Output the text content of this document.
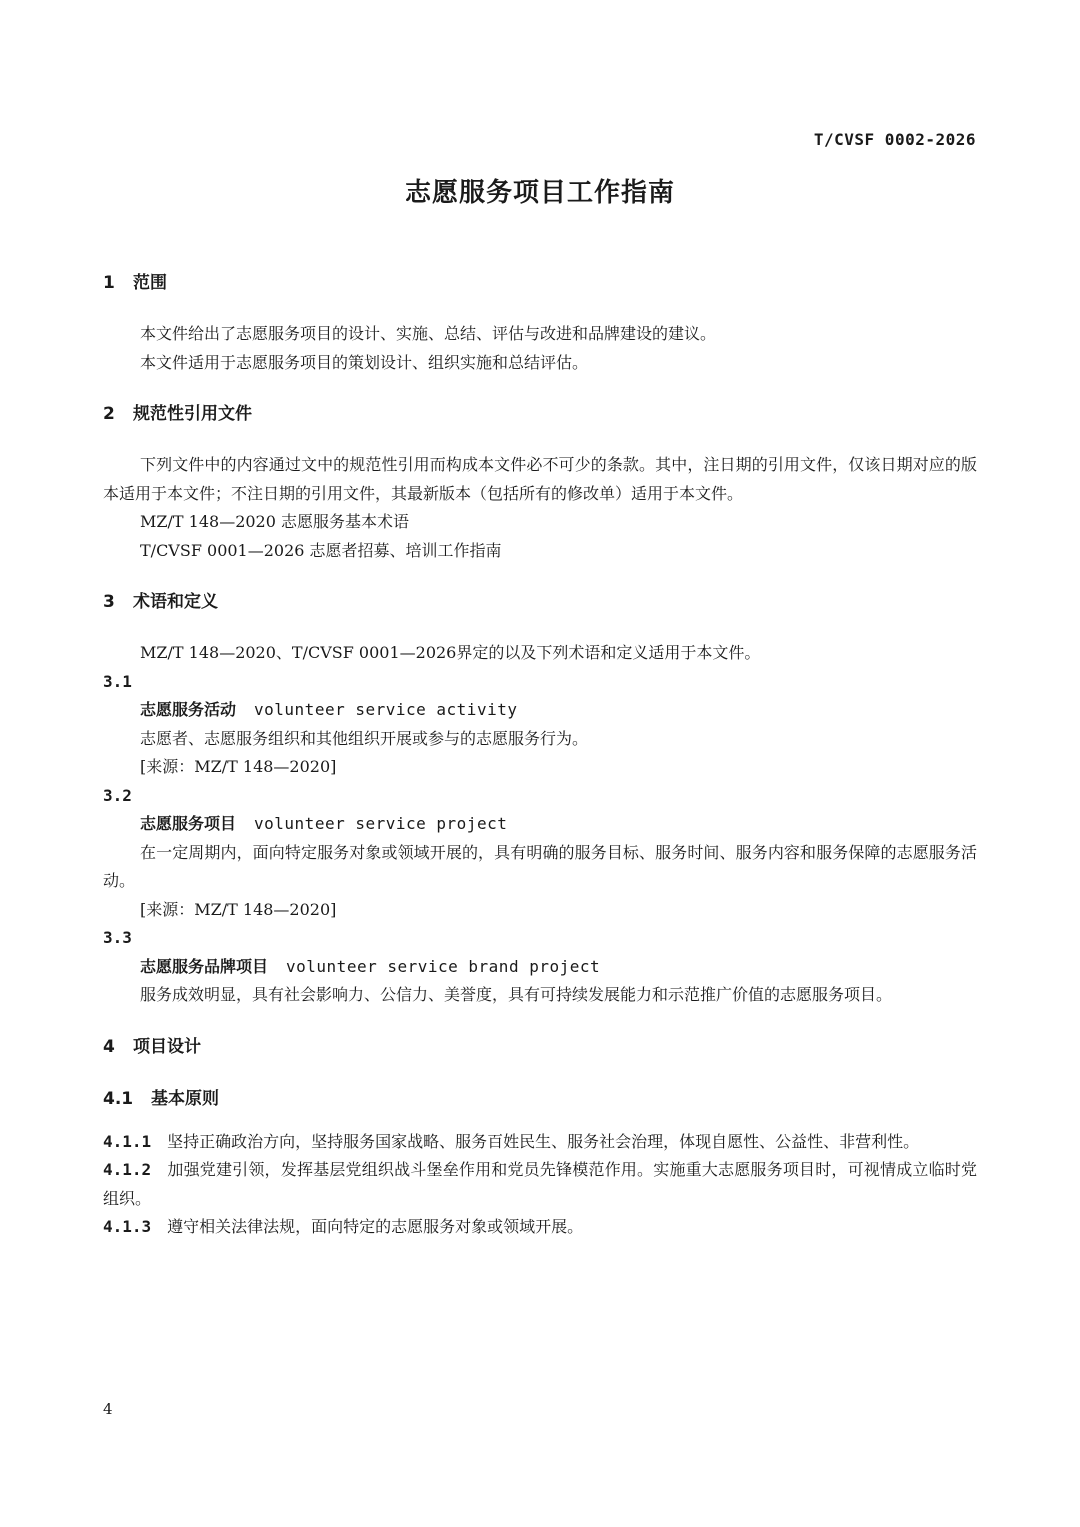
T/CVSF 0002-2026
志愿服务项目工作指南
1 范围

本文件给出了志愿服务项目的设计、实施、总结、评估与改进和品牌建设的建议。

本文件适用于志愿服务项目的策划设计、组织实施和总结评估。

2 规范性引用文件

下列文件中的内容通过文中的规范性引用而构成本文件必不可少的条款。其中，注日期的引用文件，仅该日期对应的版本适用于本文件；不注日期的引用文件，其最新版本（包括所有的修改单）适用于本文件。

MZ/T 148—2020 志愿服务基本术语

T/CVSF 0001—2026 志愿者招募、培训工作指南

3 术语和定义

MZ/T 148—2020、T/CVSF 0001—2026界定的以及下列术语和定义适用于本文件。

3.1
志愿服务活动 volunteer service activity

志愿者、志愿服务组织和其他组织开展或参与的志愿服务行为。

[来源：MZ/T 148—2020]

3.2
志愿服务项目 volunteer service project

在一定周期内，面向特定服务对象或领域开展的，具有明确的服务目标、服务时间、服务内容和服务保障的志愿服务活动。

[来源：MZ/T 148—2020]

3.3
志愿服务品牌项目 volunteer service brand project

服务成效明显，具有社会影响力、公信力、美誉度，具有可持续发展能力和示范推广价值的志愿服务项目。

4 项目设计
4.1 基本原则

4.1.1 坚持正确政治方向，坚持服务国家战略、服务百姓民生、服务社会治理，体现自愿性、公益性、非营利性。

4.1.2 加强党建引领，发挥基层党组织战斗堡垒作用和党员先锋模范作用。实施重大志愿服务项目时，可视情成立临时党组织。

4.1.3 遵守相关法律法规，面向特定的志愿服务对象或领域开展。

4
